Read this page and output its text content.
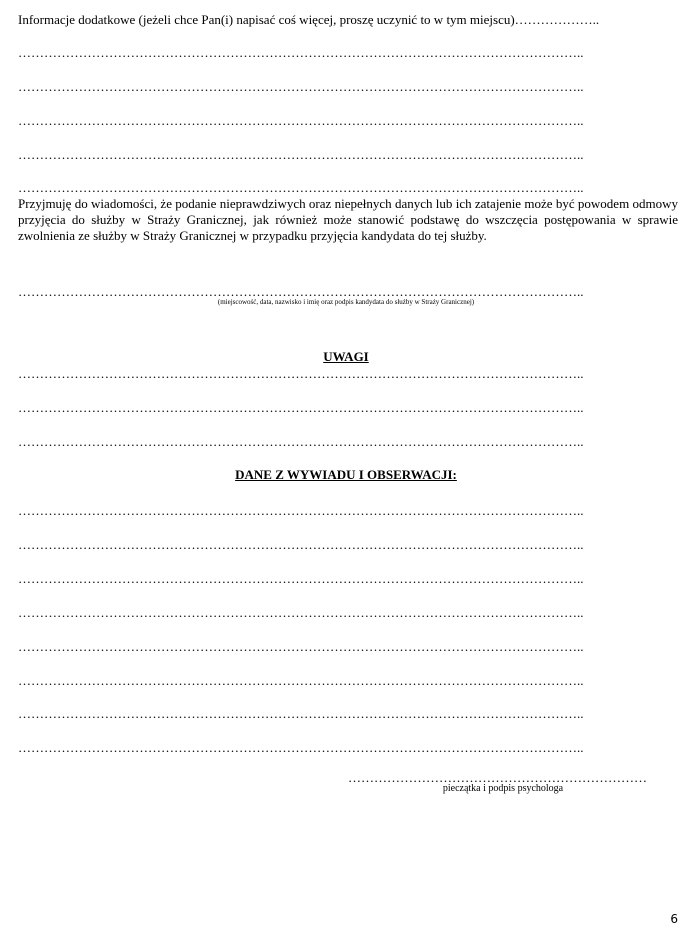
Informacje dodatkowe (jeżeli chce Pan(i) napisać coś więcej, proszę uczynić to w tym miejscu)………………..
…………………………………………………………………………………………………………………..
…………………………………………………………………………………………………………………..
…………………………………………………………………………………………………………………..
…………………………………………………………………………………………………………………..
…………………………………………………………………………………………………………………..
Przyjmuję do wiadomości, że podanie nieprawdziwych oraz niepełnych danych lub ich zatajenie może być powodem odmowy przyjęcia do służby w Straży Granicznej, jak również może stanowić podstawę do wszczęcia postępowania w sprawie zwolnienia ze służby w Straży Granicznej w przypadku przyjęcia kandydata do tej służby.
…………………………………………………………………………………………………………………..
(miejscowość, data, nazwisko i imię oraz podpis kandydata do służby w Straży Granicznej)
UWAGI
…………………………………………………………………………………………………………………..
…………………………………………………………………………………………………………………..
…………………………………………………………………………………………………………………..
DANE Z WYWIADU I OBSERWACJI:
…………………………………………………………………………………………………………………..
…………………………………………………………………………………………………………………..
…………………………………………………………………………………………………………………..
…………………………………………………………………………………………………………………..
…………………………………………………………………………………………………………………..
…………………………………………………………………………………………………………………..
…………………………………………………………………………………………………………………..
…………………………………………………………………………………………………………………..
……………………………………………………………
pieczątka i podpis psychologa
6
